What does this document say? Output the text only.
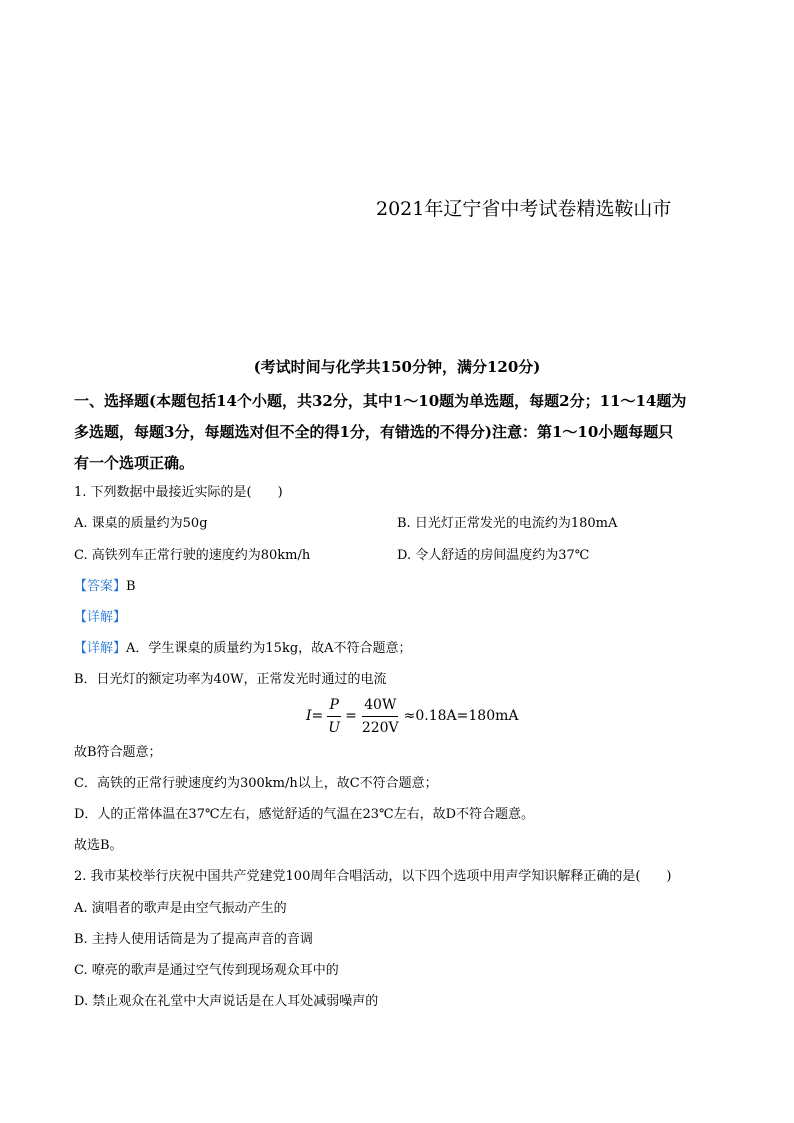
2021年辽宁省中考试卷精选鞍山市
(考试时间与化学共150分钟，满分120分)
一、选择题(本题包括14个小题，共32分，其中1～10题为单选题，每题2分；11～14题为
多选题，每题3分，每题选对但不全的得1分，有错选的不得分)注意：第1～10小题每题只
有一个选项正确。
1. 下列数据中最接近实际的是(　　)
A. 课桌的质量约为50g	B. 日光灯正常发光的电流约为180mA
C. 高铁列车正常行驶的速度约为80km/h	D. 令人舒适的房间温度约为37℃
【答案】B
【详解】
【详解】A．学生课桌的质量约为15kg，故A不符合题意；
B．日光灯的额定功率为40W，正常发光时通过的电流
$I = \frac{P}{U} = \frac{40W}{220V} \approx 0.18A=180mA$
故B符合题意；
C．高铁的正常行驶速度约为300km/h以上，故C不符合题意；
D．人的正常体温在37℃左右，感觉舒适的气温在23℃左右，故D不符合题意。
故选B。
2. 我市某校举行庆祝中国共产党建党100周年合唱活动，以下四个选项中用声学知识解释正确的是(　　)
A. 演唱者的歌声是由空气振动产生的
B. 主持人使用话筒是为了提高声音的音调
C. 嘹亮的歌声是通过空气传到现场观众耳中的
D. 禁止观众在礼堂中大声说话是在人耳处减弱噪声的
